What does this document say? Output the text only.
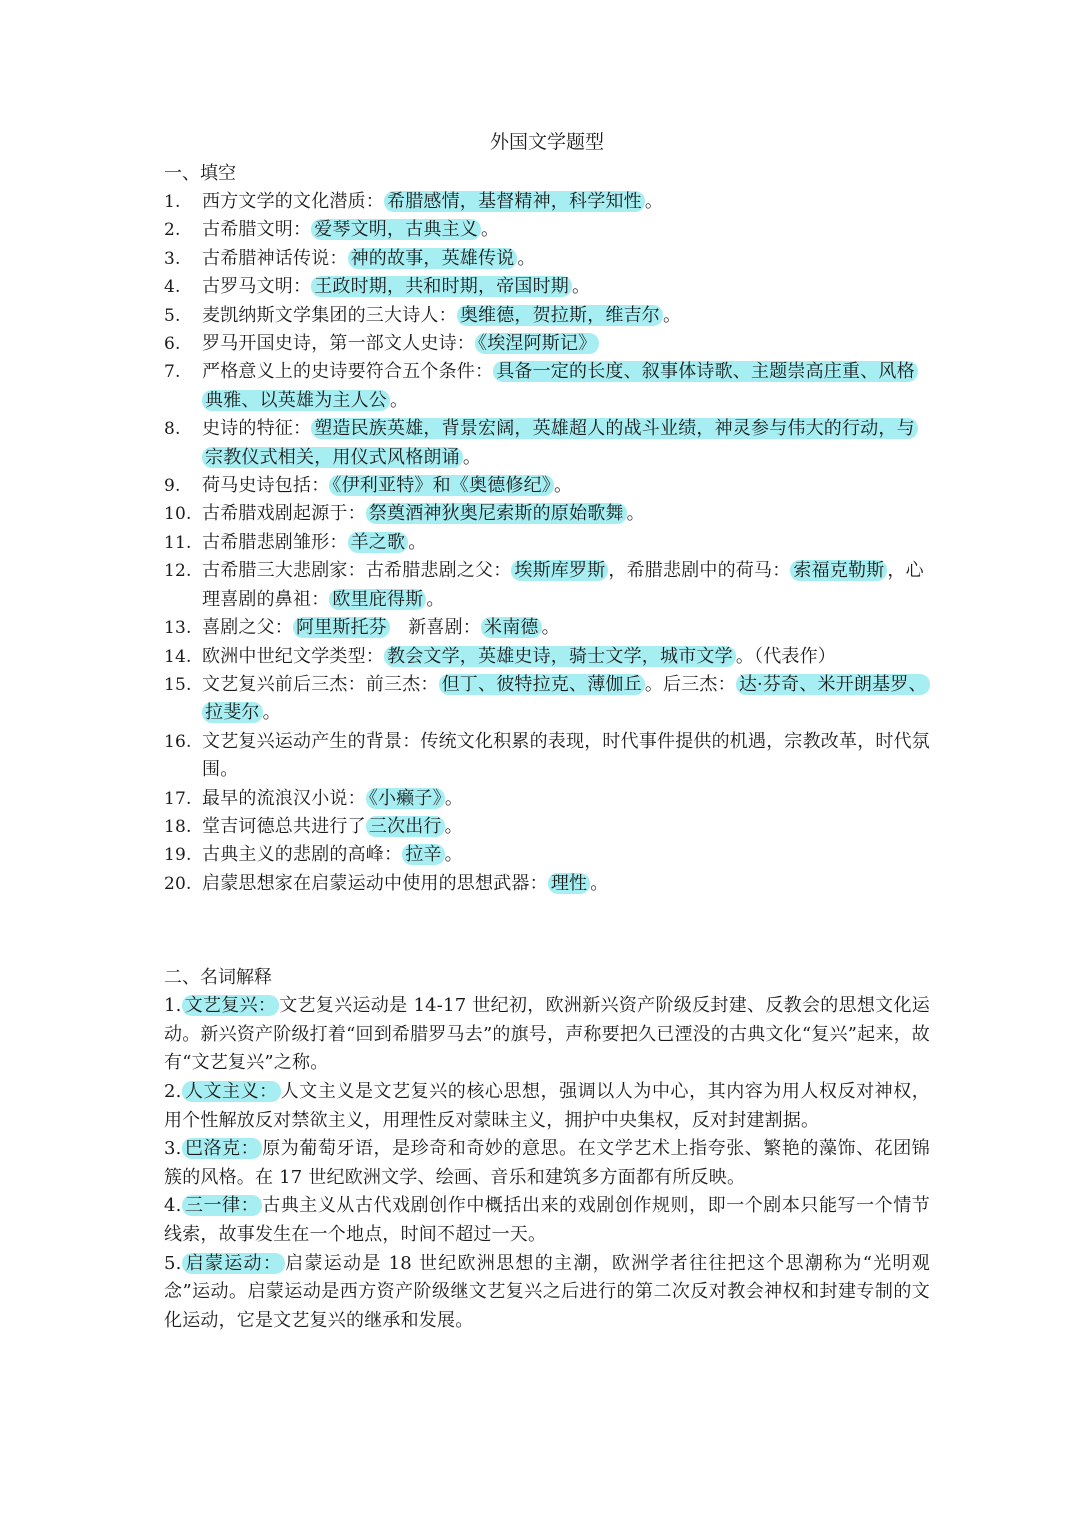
外国文学题型
一、填空
1.	西方文学的文化潜质： 希腊感情，基督精神，科学知性 。
2.	古希腊文明： 爱琴文明，古典主义 。
3.	古希腊神话传说： 神的故事，英雄传说 。
4.	古罗马文明： 王政时期，共和时期，帝国时期 。
5.	麦凯纳斯文学集团的三大诗人： 奥维德，贺拉斯，维吉尔 。
6.	罗马开国史诗，第一部文人史诗： 《埃涅阿斯记》
7.	严格意义上的史诗要符合五个条件： 具备一定的长度、叙事体诗歌、主题崇高庄重、风格典雅、以英雄为主人公 。
8.	史诗的特征： 塑造民族英雄，背景宏阔，英雄超人的战斗业绩，神灵参与伟大的行动，与宗教仪式相关，用仪式风格朗诵 。
9.	荷马史诗包括： 《伊利亚特》和《奥德修纪》 。
10. 古希腊戏剧起源于： 祭奠酒神狄奥尼索斯的原始歌舞 。
11. 古希腊悲剧雏形： 羊之歌 。
12. 古希腊三大悲剧家：古希腊悲剧之父： 埃斯库罗斯 ，希腊悲剧中的荷马： 索福克勒斯 ，心理喜剧的鼻祖： 欧里庇得斯 。
13. 喜剧之父： 阿里斯托芬　新喜剧： 米南德 。
14. 欧洲中世纪文学类型： 教会文学，英雄史诗，骑士文学，城市文学 。（代表作）
15. 文艺复兴前后三杰：前三杰： 但丁、彼特拉克、薄伽丘 。后三杰： 达·芬奇、米开朗基罗、拉斐尔 。
16. 文艺复兴运动产生的背景：传统文化积累的表现，时代事件提供的机遇，宗教改革，时代氛围。
17. 最早的流浪汉小说： 《小癞子》 。
18. 堂吉诃德总共进行了 三次出行 。
19. 古典主义的悲剧的高峰： 拉辛 。
20. 启蒙思想家在启蒙运动中使用的思想武器： 理性 。
二、名词解释

1. 文艺复兴： 文艺复兴运动是 14-17 世纪初，欧洲新兴资产阶级反封建、反教会的思想文化运动。新兴资产阶级打着“回到希腊罗马去”的旗号，声称要把久已湮没的古典文化“复兴”起来，故有“文艺复兴”之称。

2. 人文主义： 人文主义是文艺复兴的核心思想，强调以人为中心，其内容为用人权反对神权，用个性解放反对禁欲主义，用理性反对蒙昧主义，拥护中央集权，反对封建割据。

3. 巴洛克： 原为葡萄牙语，是珍奇和奇妙的意思。在文学艺术上指夸张、繁艳的藻饰、花团锦簇的风格。在 17 世纪欧洲文学、绘画、音乐和建筑多方面都有所反映。

4. 三一律： 古典主义从古代戏剧创作中概括出来的戏剧创作规则，即一个剧本只能写一个情节线索，故事发生在一个地点，时间不超过一天。

5. 启蒙运动： 启蒙运动是 18 世纪欧洲思想的主潮，欧洲学者往往把这个思潮称为“光明观念”运动。启蒙运动是西方资产阶级继文艺复兴之后进行的第二次反对教会神权和封建专制的文化运动，它是文艺复兴的继承和发展。
